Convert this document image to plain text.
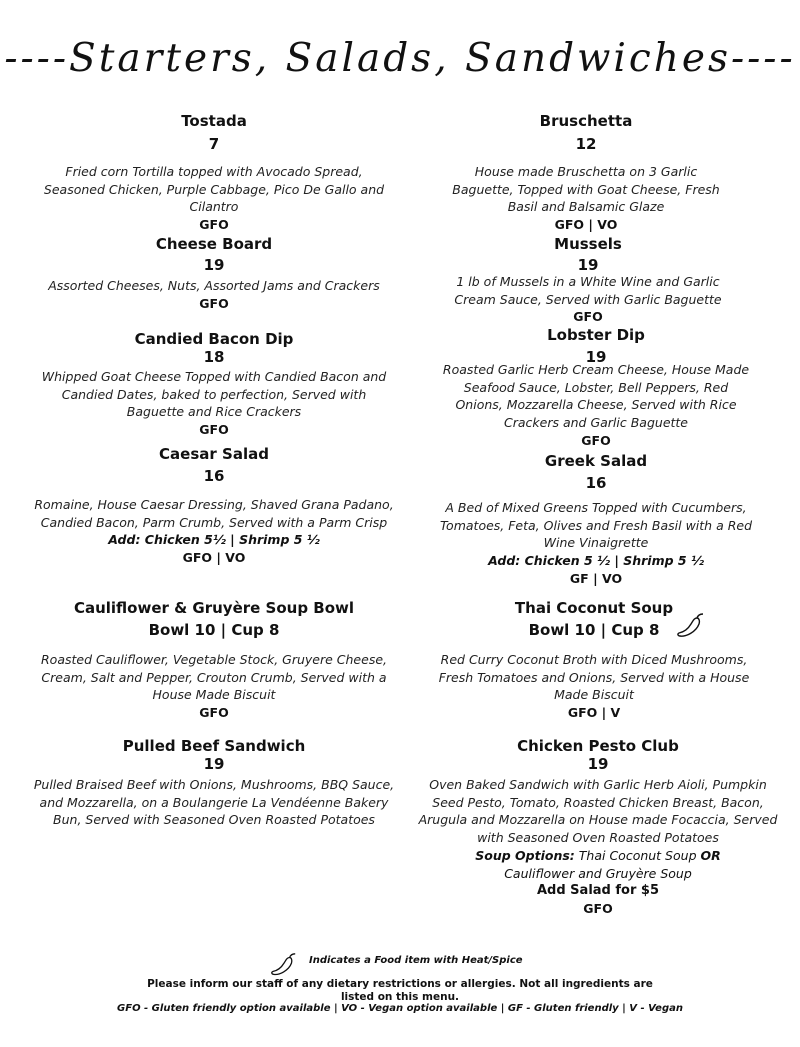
----Starters, Salads, Sandwiches----
Tostada
7
Fried corn Tortilla topped with Avocado Spread, Seasoned Chicken, Purple Cabbage, Pico De Gallo and Cilantro
GFO
Cheese Board
19
Assorted Cheeses, Nuts, Assorted Jams and Crackers
GFO
Candied Bacon Dip
18
Whipped Goat Cheese Topped with Candied Bacon and Candied Dates, baked to perfection, Served with Baguette and Rice Crackers
GFO
Caesar Salad
16
Romaine, House Caesar Dressing, Shaved Grana Padano, Candied Bacon, Parm Crumb, Served with a Parm Crisp
Add: Chicken 5½ | Shrimp 5 ½
GFO | VO
Cauliflower & Gruyère Soup Bowl
Bowl 10 | Cup 8
Roasted Cauliflower, Vegetable Stock, Gruyere Cheese, Cream, Salt and Pepper, Crouton Crumb, Served with a House Made Biscuit
GFO
Pulled Beef Sandwich
19
Pulled Braised Beef with Onions, Mushrooms, BBQ Sauce, and Mozzarella, on a Boulangerie La Vendéenne Bakery Bun, Served with Seasoned Oven Roasted Potatoes
Bruschetta
12
House made Bruschetta on 3 Garlic Baguette, Topped with Goat Cheese, Fresh Basil and Balsamic Glaze
GFO | VO
Mussels
19
1 lb of Mussels in a White Wine and Garlic Cream Sauce, Served with Garlic Baguette
GFO
Lobster Dip
19
Roasted Garlic Herb Cream Cheese, House Made Seafood Sauce, Lobster, Bell Peppers, Red Onions, Mozzarella Cheese, Served with Rice Crackers and Garlic Baguette
GFO
Greek Salad
16
A Bed of Mixed Greens Topped with Cucumbers, Tomatoes, Feta, Olives and Fresh Basil with a Red Wine Vinaigrette
Add: Chicken 5 ½ | Shrimp 5 ½
GF | VO
Thai Coconut Soup
Bowl 10 | Cup 8
Red Curry Coconut Broth with Diced Mushrooms, Fresh Tomatoes and Onions, Served with a House Made Biscuit
GFO | V
Chicken Pesto Club
19
Oven Baked Sandwich with Garlic Herb Aioli, Pumpkin Seed Pesto, Tomato, Roasted Chicken Breast, Bacon, Arugula and Mozzarella on House made Focaccia, Served with Seasoned Oven Roasted Potatoes
Soup Options: Thai Coconut Soup OR Cauliflower and Gruyère Soup
Add Salad for $5
GFO
Indicates a Food item with Heat/Spice
Please inform our staff of any dietary restrictions or allergies. Not all ingredients are listed on this menu.
GFO - Gluten friendly option available | VO - Vegan option available | GF - Gluten friendly | V - Vegan
